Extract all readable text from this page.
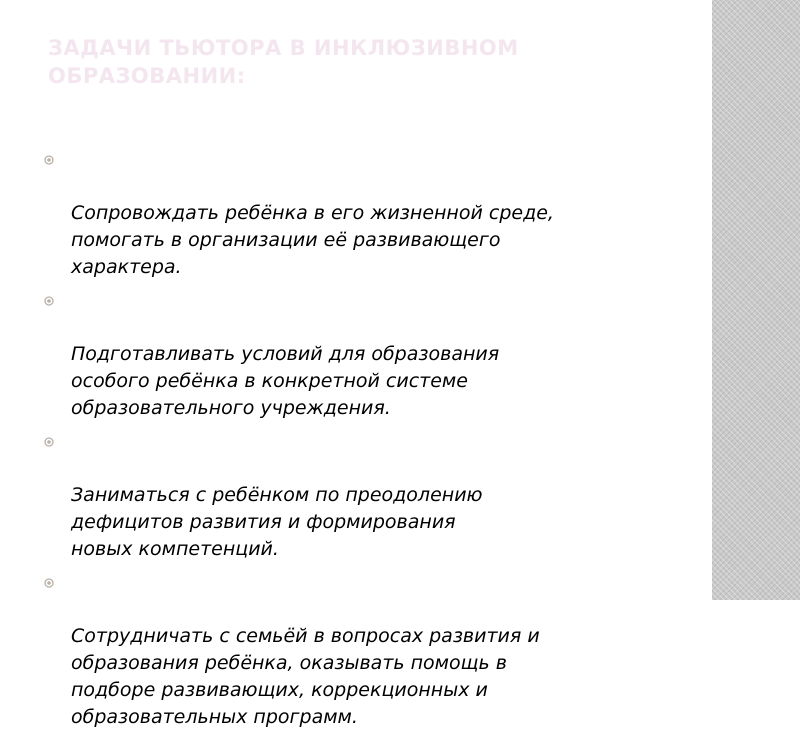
ЗАДАЧИ ТЬЮТОРА В ИНКЛЮЗИВНОМ ОБРАЗОВАНИИ:

Сопровождать ребёнка в его жизненной среде,
помогать в организации её развивающего
характера.

Подготавливать условий для образования
особого ребёнка в конкретной системе
образовательного учреждения.

Заниматься с ребёнком по преодолению
дефицитов развития и формирования
новых компетенций.

Сотрудничать с семьёй в вопросах развития и
образования ребёнка, оказывать помощь в
подборе развивающих, коррекционных и
образовательных программ.
